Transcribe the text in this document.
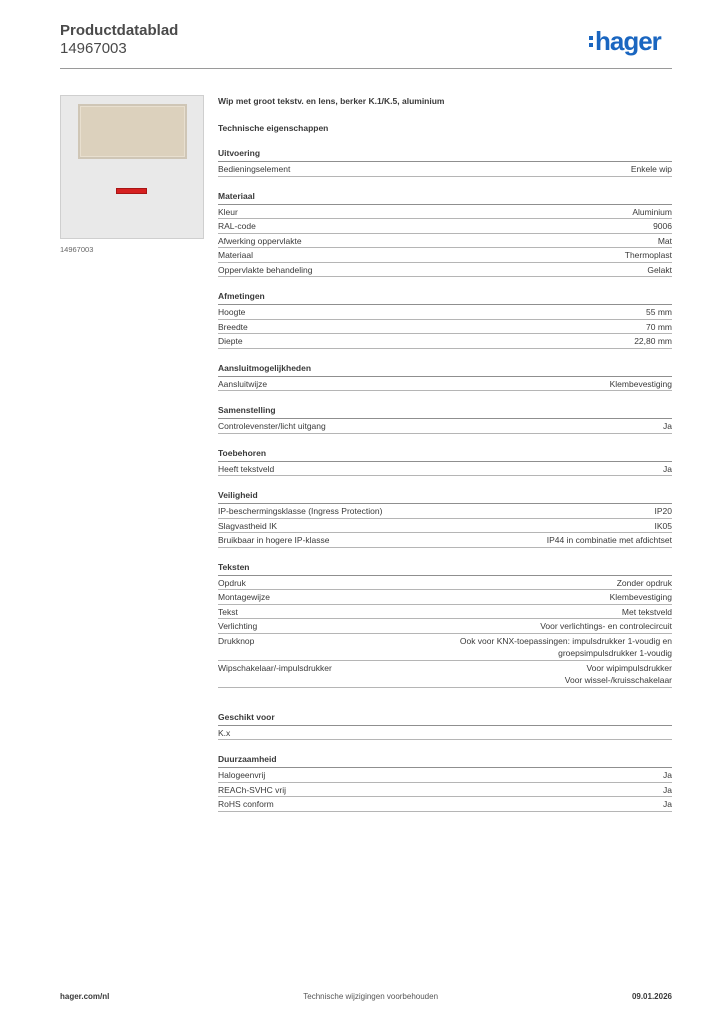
Productdatablad
14967003	hager
14967003
Wip met groot tekstv. en lens, berker K.1/K.5, aluminium
Technische eigenschappen
Uitvoering
Bedieningselement	Enkele wip
Materiaal
Kleur	Aluminium
RAL-code	9006
Afwerking oppervlakte	Mat
Materiaal	Thermoplast
Oppervlakte behandeling	Gelakt
Afmetingen
Hoogte	55 mm
Breedte	70 mm
Diepte	22,80 mm
Aansluitmogelijkheden
Aansluitwijze	Klembevestiging
Samenstelling
Controlevenster/licht uitgang	Ja
Toebehoren
Heeft tekstveld	Ja
Veiligheid
IP-beschermingsklasse (Ingress Protection)	IP20
Slagvastheid IK	IK05
Bruikbaar in hogere IP-klasse	IP44 in combinatie met afdichtset
Teksten
Opdruk	Zonder opdruk
Montagewijze	Klembevestiging
Tekst	Met tekstveld
Verlichting	Voor verlichtings- en controlecircuit
Drukknop	Ook voor KNX-toepassingen: impulsdrukker 1-voudig en
groepsimpulsdrukker 1-voudig
Wipschakelaar/-impulsdrukker	Voor wipimpulsdrukker
Voor wissel-/kruisschakelaar
Geschikt voor
K.x
Duurzaamheid
Halogeenvrij	Ja
REACh-SVHC vrij	Ja
RoHS conform	Ja
hager.com/nl	Technische wijzigingen voorbehouden	09.01.2026
